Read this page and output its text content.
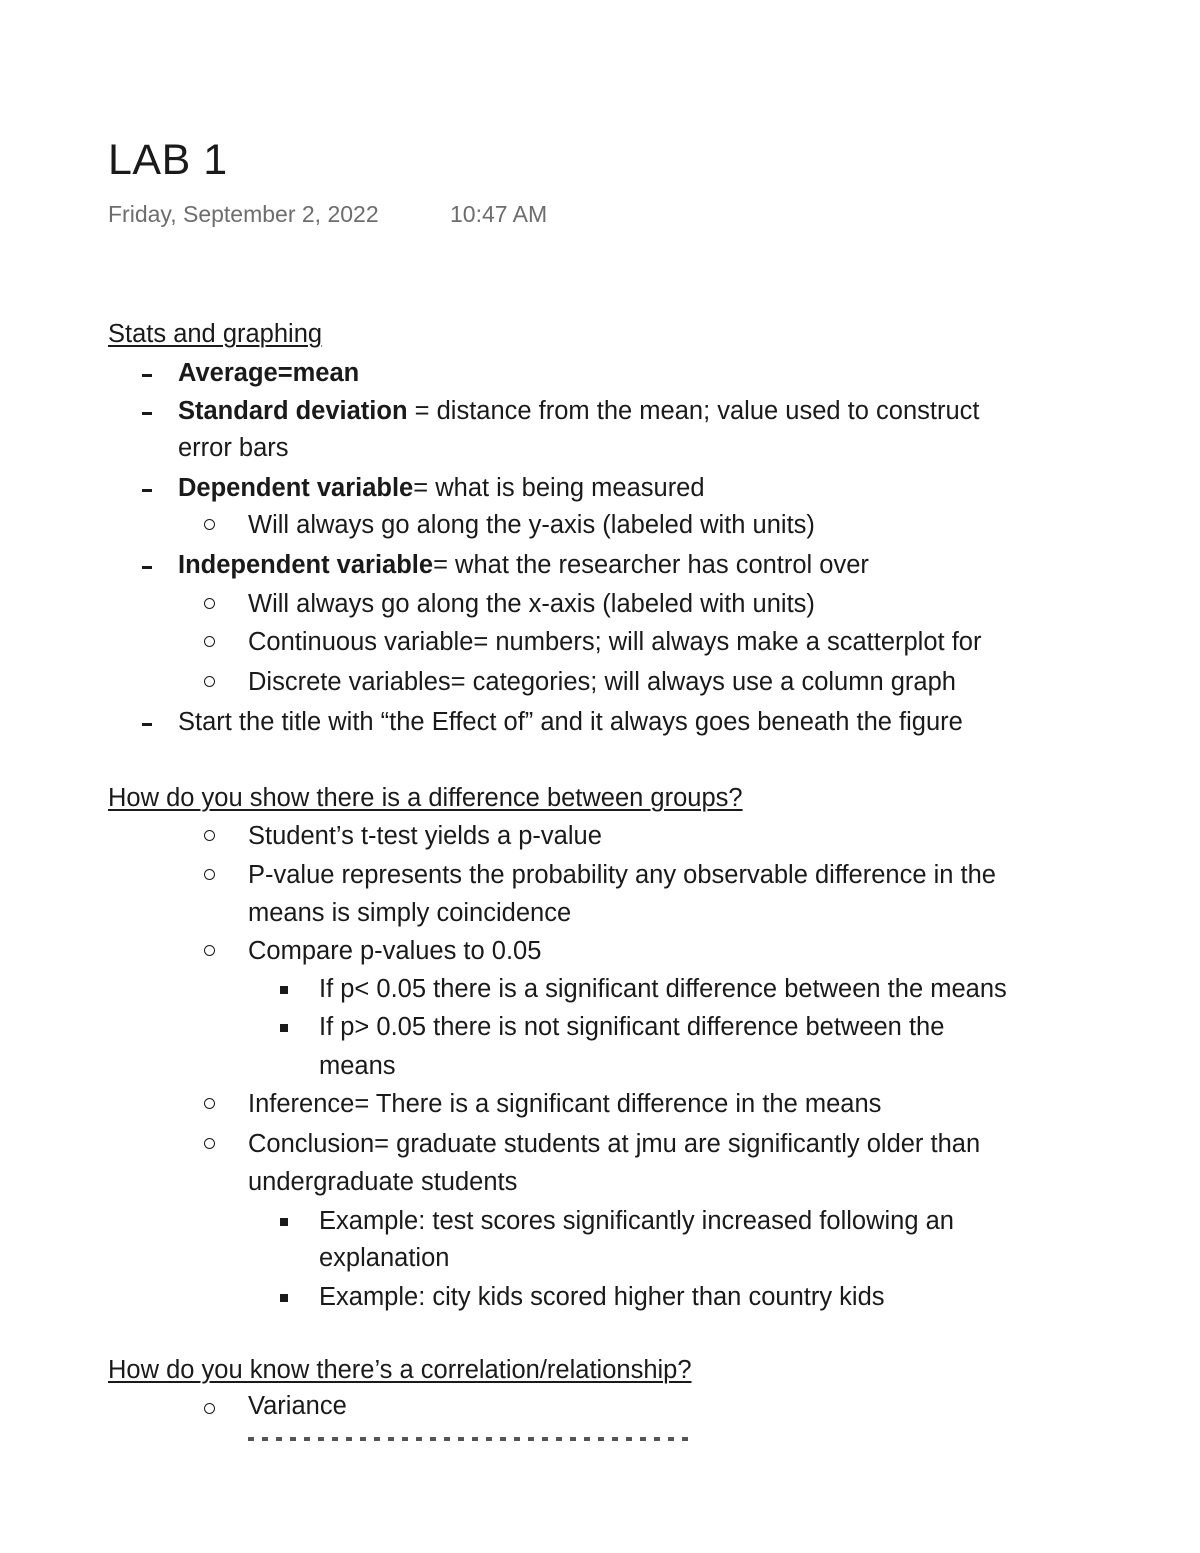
LAB 1
Friday, September 2, 2022	10:47 AM
Stats and graphing
Average=mean
Standard deviation = distance from the mean; value used to construct
error bars
Dependent variable= what is being measured
Will always go along the y-axis (labeled with units)
Independent variable= what the researcher has control over
Will always go along the x-axis (labeled with units)
Continuous variable= numbers; will always make a scatterplot for
Discrete variables= categories; will always use a column graph
Start the title with “the Effect of” and it always goes beneath the figure
How do you show there is a difference between groups?
Student’s t-test yields a p-value
P-value represents the probability any observable difference in the
means is simply coincidence
Compare p-values to 0.05
If p< 0.05 there is a significant difference between the means
If p> 0.05 there is not significant difference between the
means
Inference= There is a significant difference in the means
Conclusion= graduate students at jmu are significantly older than
undergraduate students
Example: test scores significantly increased following an
explanation
Example: city kids scored higher than country kids
How do you know there’s a correlation/relationship?
Variance
